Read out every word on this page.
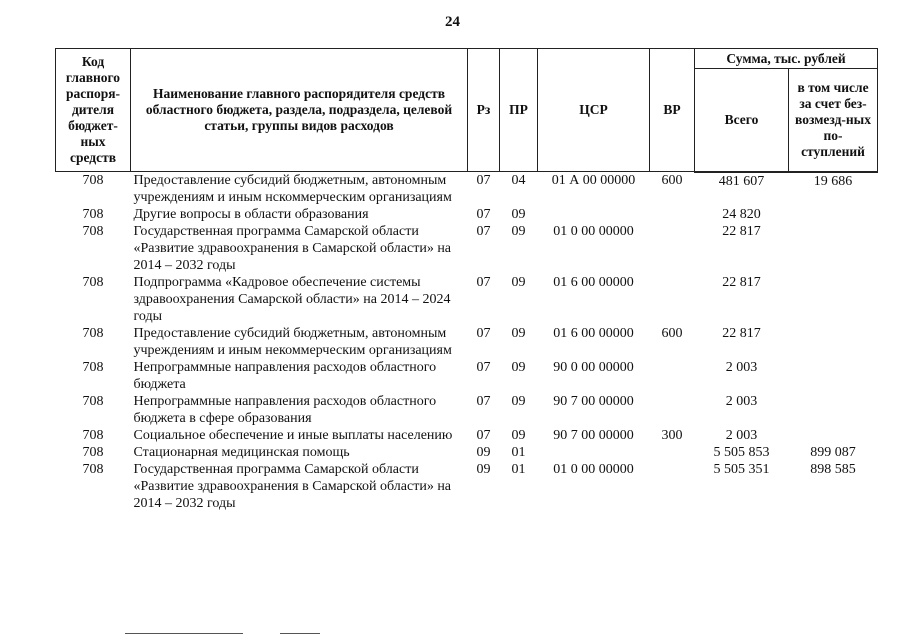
24
Код главного распоря-дителя бюджет-ных средств	Наименование главного распорядителя средств областного бюджета, раздела, подраздела, целевой статьи, группы видов расходов	Рз	ПР	ЦСР	ВР	Сумма, тыс. рублей	
						Всего	в том числе за счет без-возмезд-ных по-ступлений
708	Предоставление субсидий бюджетным, автономным учреждениям и иным нскоммерческим организациям	07	04	01 А 00 00000	600	481 607	19 686
708	Другие вопросы в области образования	07	09			24 820	
708	Государственная программа Самарской области «Развитие здравоохранения в Самарской области» на 2014 – 2032 годы	07	09	01 0 00 00000		22 817	
708	Подпрограмма «Кадровое обеспечение системы здравоохранения Самарской области» на 2014 – 2024 годы	07	09	01 6 00 00000		22 817	
708	Предоставление субсидий бюджетным, автономным учреждениям и иным некоммерческим организациям	07	09	01 6 00 00000	600	22 817	
708	Непрограммные направления расходов областного бюджета	07	09	90 0 00 00000		2 003	
708	Непрограммные направления расходов областного бюджета в сфере образования	07	09	90 7 00 00000		2 003	
708	Социальное обеспечение и иные выплаты населению	07	09	90 7 00 00000	300	2 003	
708	Стационарная медицинская помощь	09	01			5 505 853	899 087
708	Государственная программа Самарской области «Развитие здравоохранения в Самарской области» на 2014 – 2032 годы	09	01	01 0 00 00000		5 505 351	898 585
